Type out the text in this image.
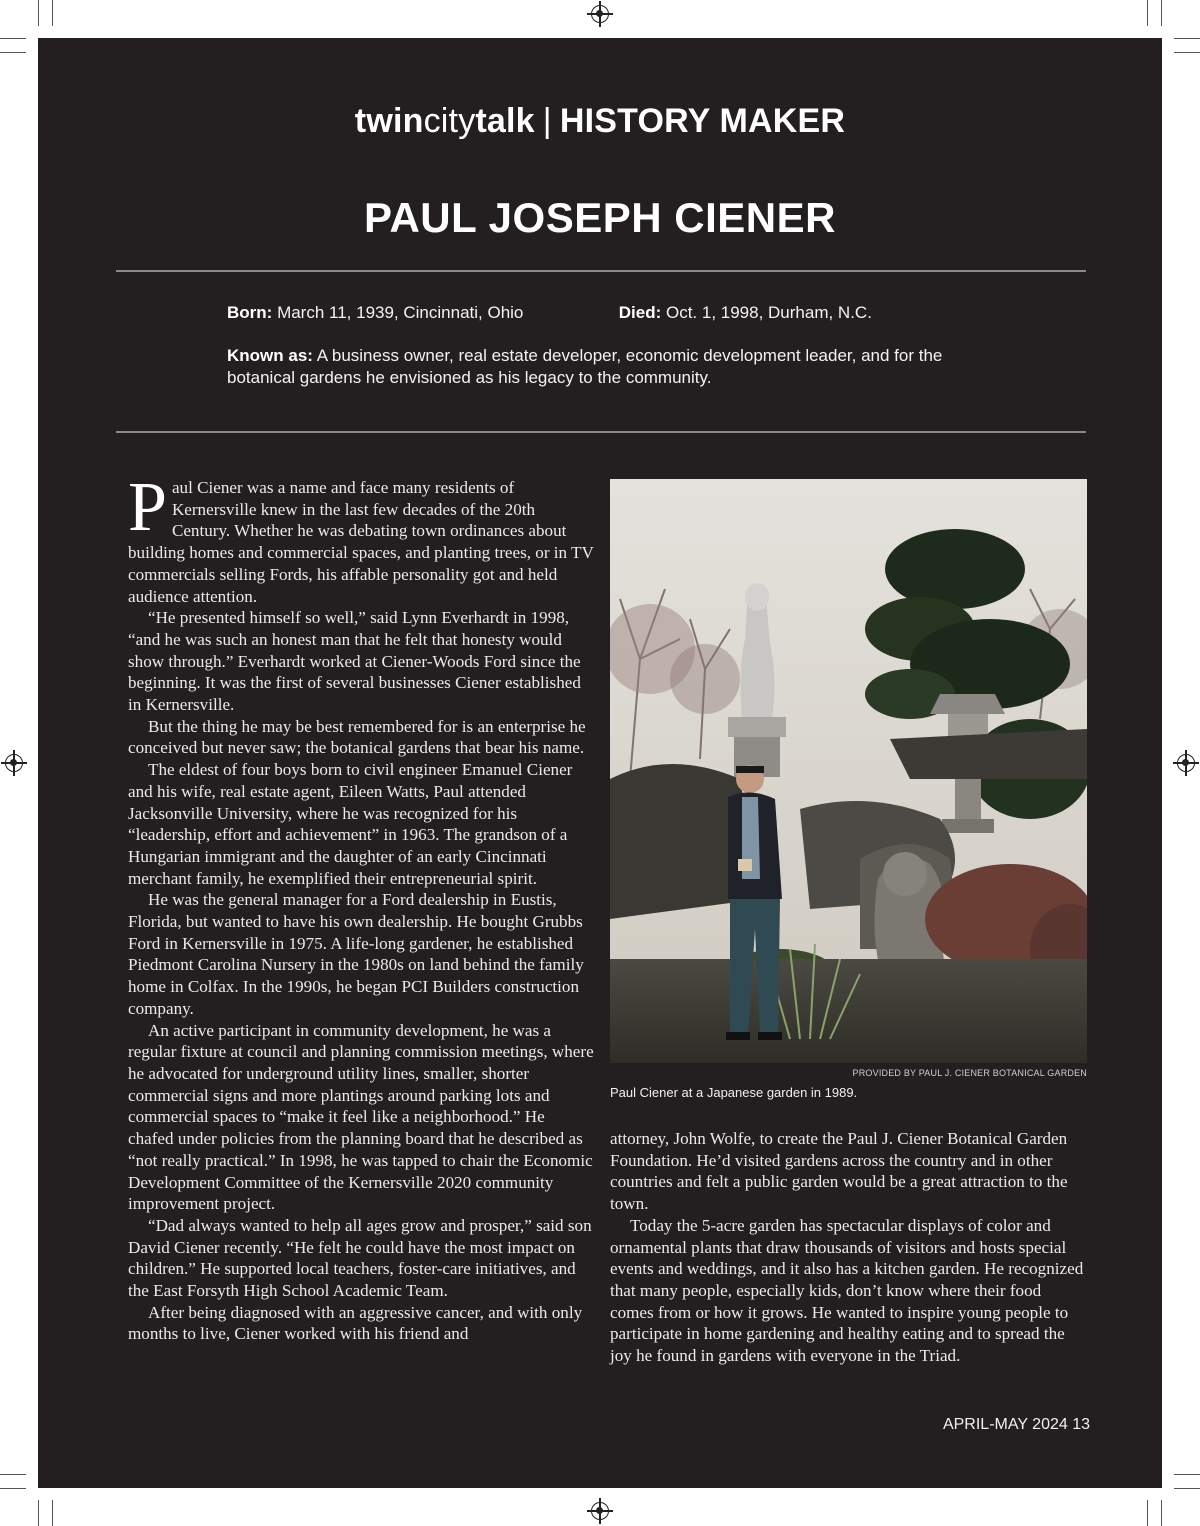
twincitytalk | HISTORY MAKER
PAUL JOSEPH CIENER
Born: March 11, 1939, Cincinnati, Ohio	Died: Oct. 1, 1998, Durham, N.C.
Known as: A business owner, real estate developer, economic development leader, and for the botanical gardens he envisioned as his legacy to the community.

Paul Ciener was a name and face many residents of Kernersville knew in the last few decades of the 20th Century. Whether he was debating town ordinances about building homes and commercial spaces, and planting trees, or in TV commercials selling Fords, his affable personality got and held audience attention.

“He presented himself so well,” said Lynn Everhardt in 1998, “and he was such an honest man that he felt that honesty would show through.” Everhardt worked at Ciener-Woods Ford since the beginning. It was the first of several businesses Ciener established in Kernersville.

But the thing he may be best remembered for is an enterprise he conceived but never saw; the botanical gardens that bear his name.

The eldest of four boys born to civil engineer Emanuel Ciener and his wife, real estate agent, Eileen Watts, Paul attended Jacksonville University, where he was recognized for his “leadership, effort and achievement” in 1963. The grandson of a Hungarian immigrant and the daughter of an early Cincinnati merchant family, he exemplified their entrepreneurial spirit.

He was the general manager for a Ford dealership in Eustis, Florida, but wanted to have his own dealership. He bought Grubbs Ford in Kernersville in 1975. A life-long gardener, he established Piedmont Carolina Nursery in the 1980s on land behind the family home in Colfax. In the 1990s, he began PCI Builders construction company.

An active participant in community development, he was a regular fixture at council and planning commission meetings, where he advocated for underground utility lines, smaller, shorter commercial signs and more plantings around parking lots and commercial spaces to “make it feel like a neighborhood.” He chafed under policies from the planning board that he described as “not really practical.” In 1998, he was tapped to chair the Economic Development Committee of the Kernersville 2020 community improvement project.

“Dad always wanted to help all ages grow and prosper,” said son David Ciener recently. “He felt he could have the most impact on children.” He supported local teachers, foster-care initiatives, and the East Forsyth High School Academic Team.

After being diagnosed with an aggressive cancer, and with only months to live, Ciener worked with his friend and

PROVIDED BY PAUL J. CIENER BOTANICAL GARDEN
Paul Ciener at a Japanese garden in 1989.

attorney, John Wolfe, to create the Paul J. Ciener Botanical Garden Foundation. He’d visited gardens across the country and in other countries and felt a public garden would be a great attraction to the town.

Today the 5-acre garden has spectacular displays of color and ornamental plants that draw thousands of visitors and hosts special events and weddings, and it also has a kitchen garden. He recognized that many people, especially kids, don’t know where their food comes from or how it grows. He wanted to inspire young people to participate in home gardening and healthy eating and to spread the joy he found in gardens with everyone in the Triad.

APRIL-MAY 2024 13
